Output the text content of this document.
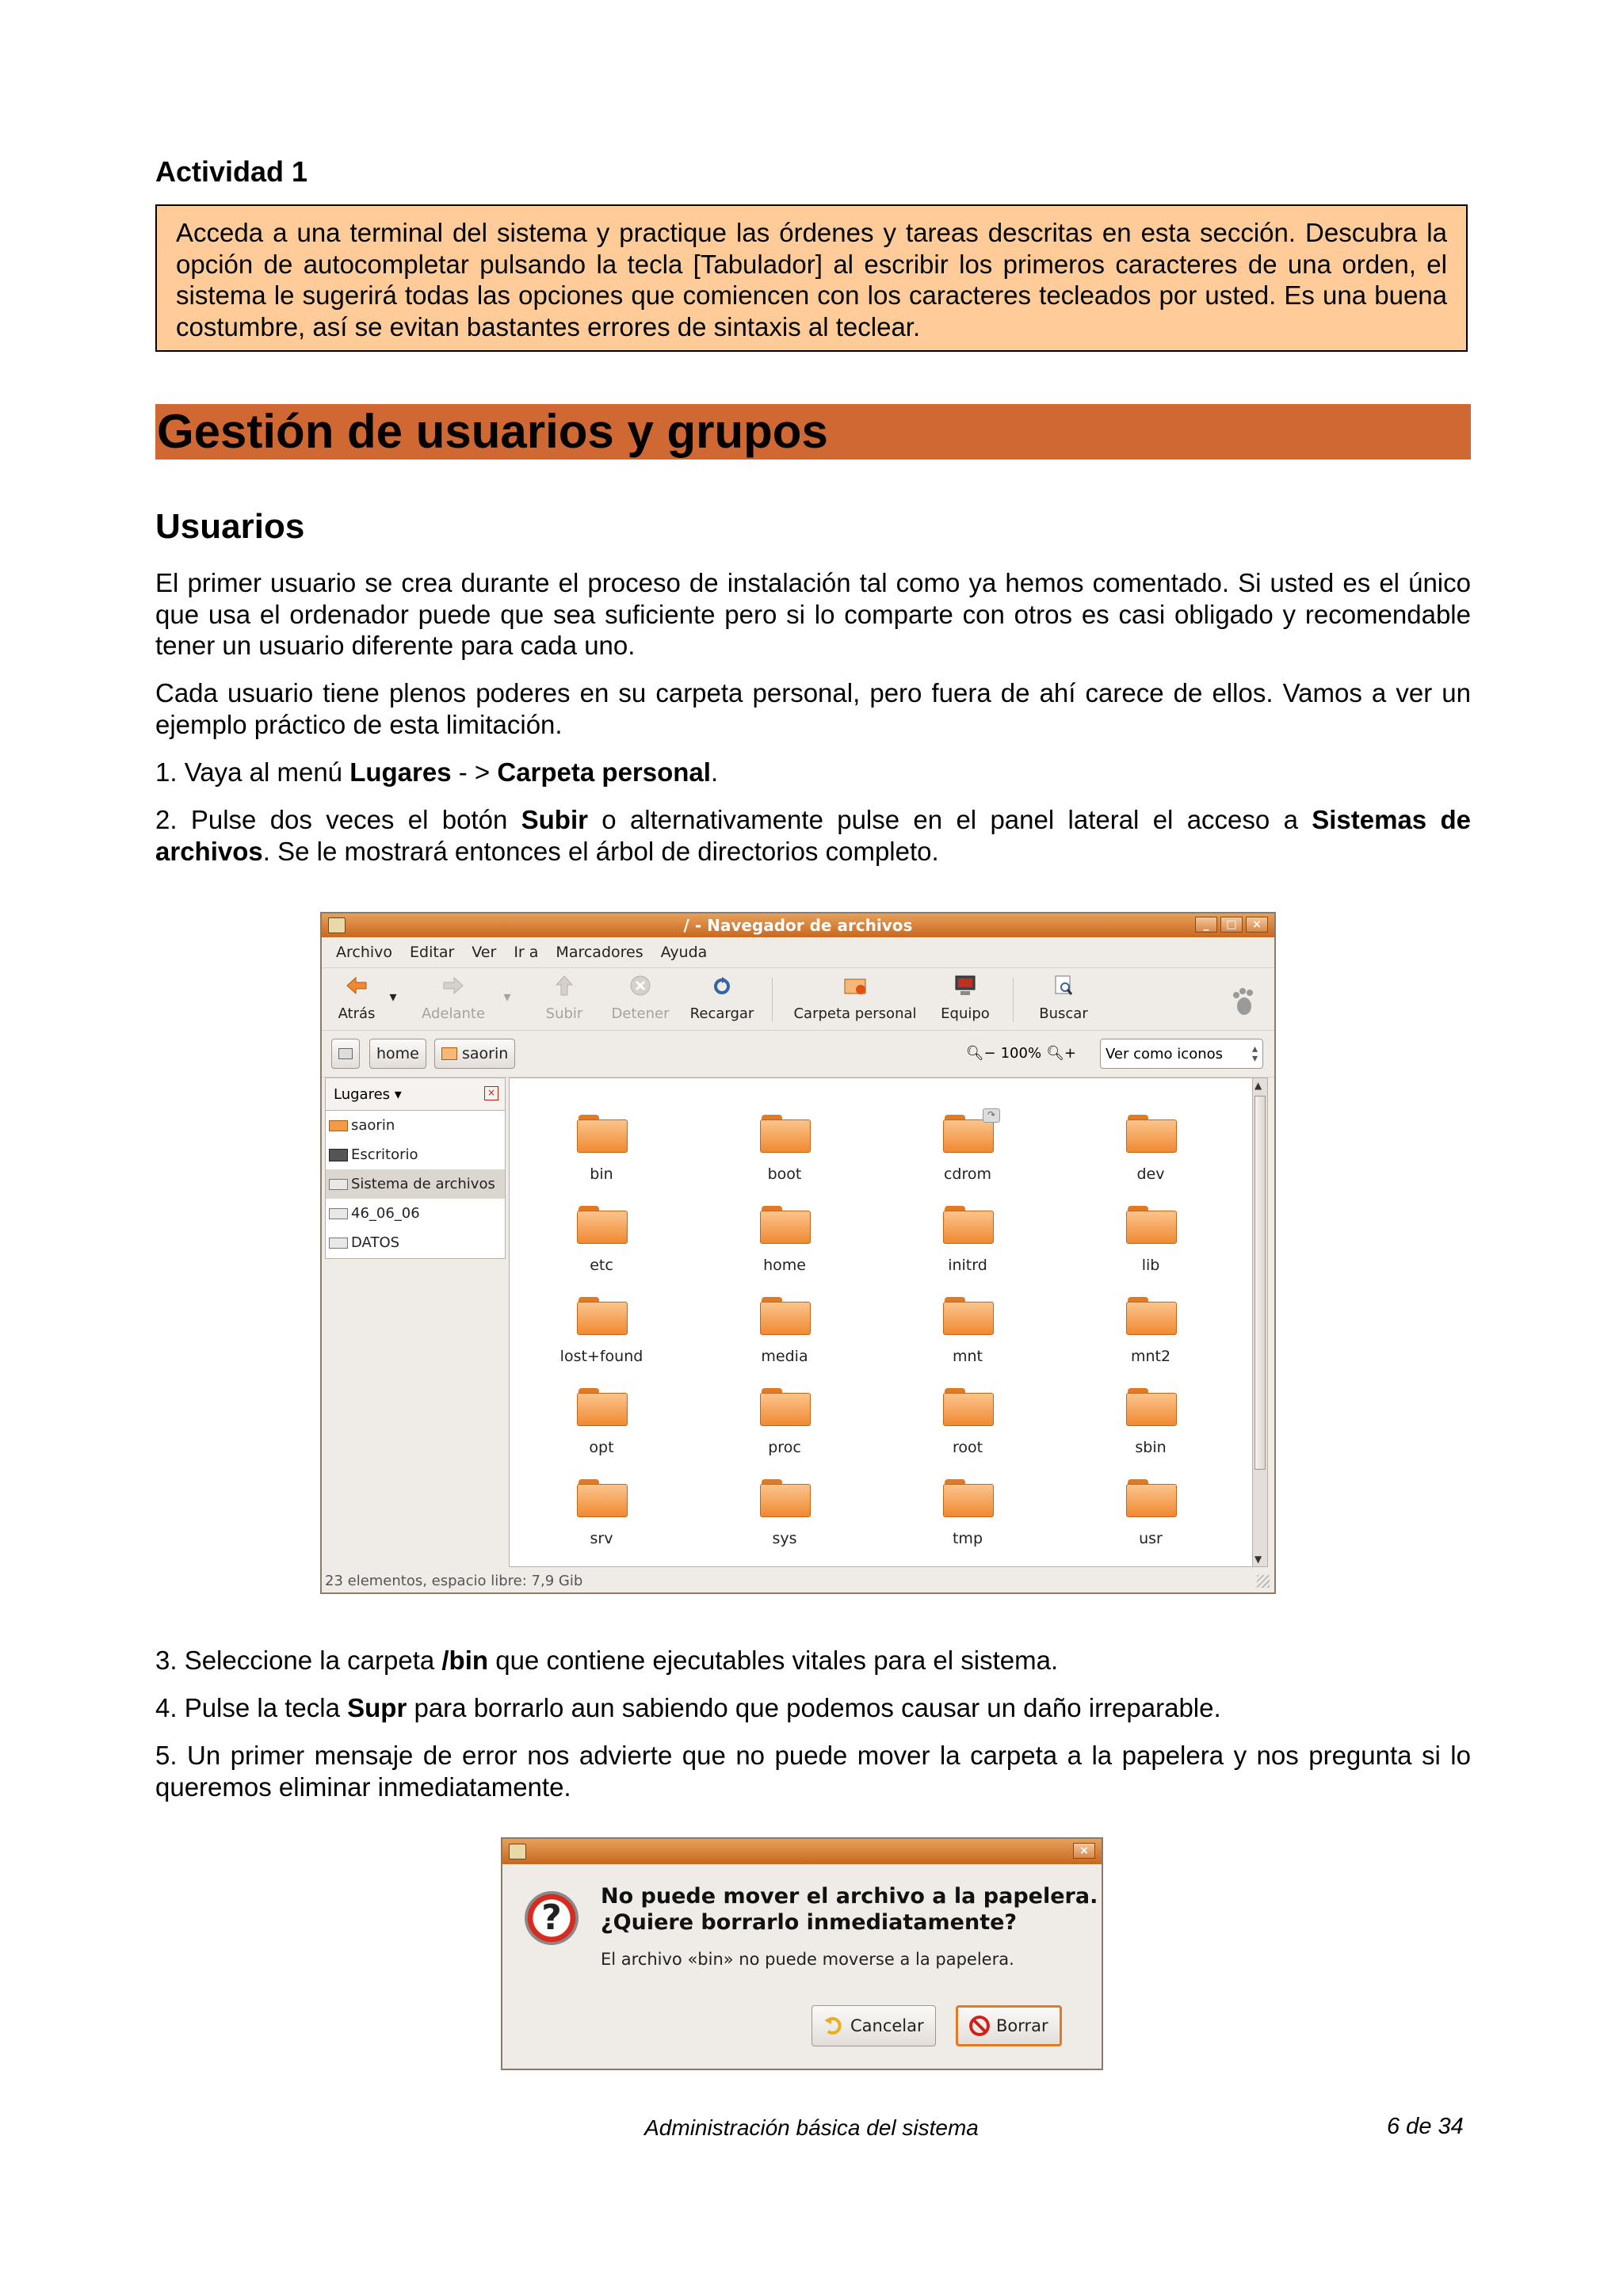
Actividad 1
Acceda a una terminal del sistema y practique las órdenes y tareas descritas en esta sección. Descubra la opción de autocompletar pulsando la tecla [Tabulador] al escribir los primeros caracteres de una orden, el sistema le sugerirá todas las opciones que comiencen con los caracteres tecleados por usted. Es una buena costumbre, así se evitan bastantes errores de sintaxis al teclear.
Gestión de usuarios y grupos
Usuarios

El primer usuario se crea durante el proceso de instalación tal como ya hemos comentado. Si usted es el único que usa el ordenador puede que sea suficiente pero si lo comparte con otros es casi obligado y recomendable tener un usuario diferente para cada uno.

Cada usuario tiene plenos poderes en su carpeta personal, pero fuera de ahí carece de ellos. Vamos a ver un ejemplo práctico de esta limitación.

1. Vaya al menú Lugares - > Carpeta personal.

2. Pulse dos veces el botón Subir o alternativamente pulse en el panel lateral el acceso a Sistemas de archivos. Se le mostrará entonces el árbol de directorios completo.

/ - Navegador de archivos	_	□	×
Archivo Editar Ver Ir a Marcadores Ayuda
Atrás
▾
Adelante
▾
Subir Detener Recargar	Carpeta personal	Equipo	Buscar
home	saorin	🔍︎− 100% 🔍︎+ Ver como iconos	▴
▾
Lugares ▾	×
saorin
Escritorio
Sistema de archivos
46_06_06
DATOS
bin	boot
↷
cdrom	dev
etc	home	initrd	lib
lost+found	media	mnt	mnt2
opt	proc	root	sbin
srv	sys	tmp	usr
▲
▼
23 elementos, espacio libre: 7,9 Gib

3. Seleccione la carpeta /bin que contiene ejecutables vitales para el sistema.

4. Pulse la tecla Supr para borrarlo aun sabiendo que podemos causar un daño irreparable.

5. Un primer mensaje de error nos advierte que no puede mover la carpeta a la papelera y nos pregunta si lo queremos eliminar inmediatamente.

×
?
No puede mover el archivo a la papelera.
¿Quiere borrarlo inmediatamente?
El archivo «bin» no puede moverse a la papelera.
Cancelar	Borrar
Administración básica del sistema	6 de 34
